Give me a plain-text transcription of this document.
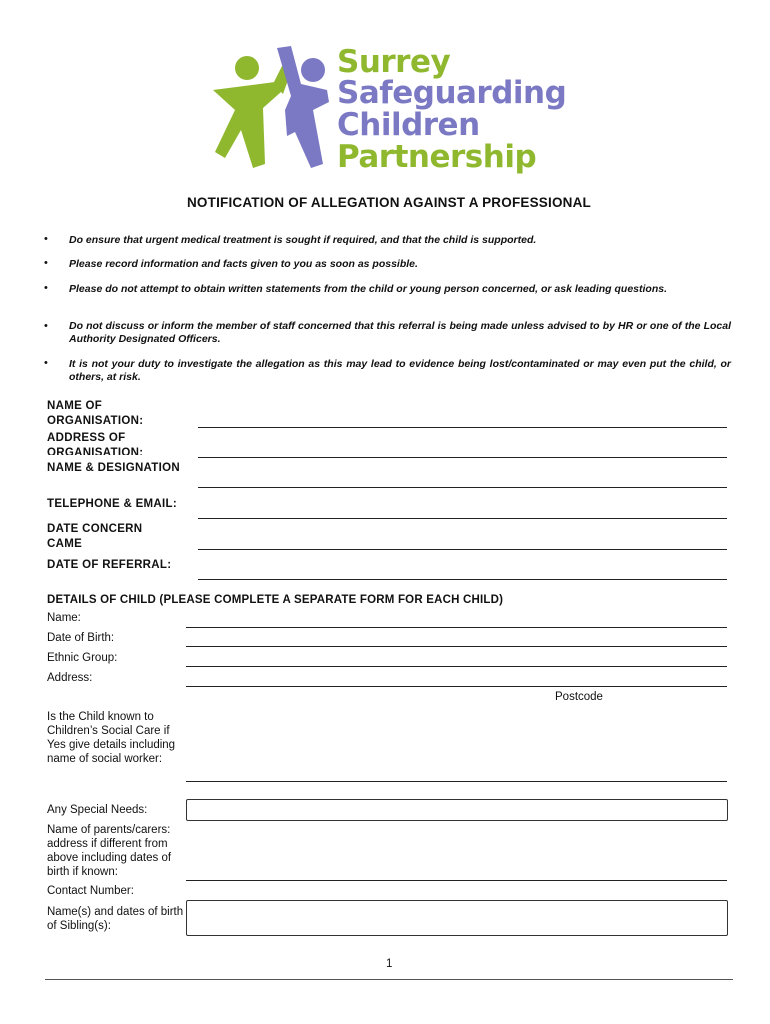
Surrey
Safeguarding
Children
Partnership
NOTIFICATION OF ALLEGATION AGAINST A PROFESSIONAL
• Do ensure that urgent medical treatment is sought if required, and that the child is supported.
• Please record information and facts given to you as soon as possible.
• Please do not attempt to obtain written statements from the child or young person concerned, or ask leading questions.
• Do not discuss or inform the member of staff concerned that this referral is being made unless advised to by HR or one of the Local Authority Designated Officers.
• It is not your duty to investigate the allegation as this may lead to evidence being lost/contaminated or may even put the child, or others, at risk.
NAME OF ORGANISATION:
ADDRESS OF ORGANISATION:
NAME & DESIGNATION
TELEPHONE & EMAIL:
DATE CONCERN CAME
DATE OF REFERRAL:
DETAILS OF CHILD (PLEASE COMPLETE A SEPARATE FORM FOR EACH CHILD)
Name:
Date of Birth:
Ethnic Group:
Address:
Postcode
Is the Child known to Children’s Social Care if Yes give details including name of social worker:
Any Special Needs:
Name of parents/carers: address if different from above including dates of birth if known:
Contact Number:
Name(s) and dates of birth of Sibling(s):
1
